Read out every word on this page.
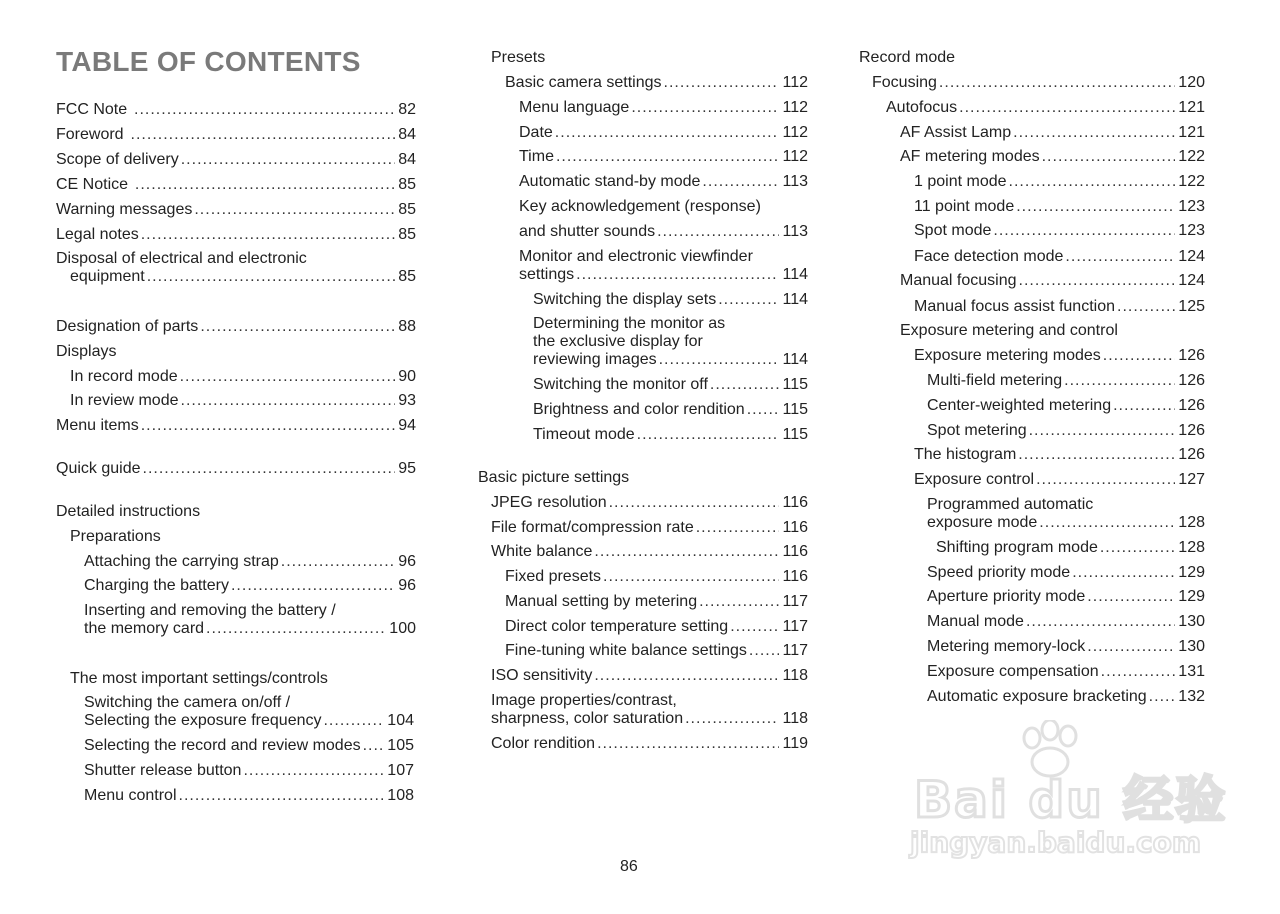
TABLE OF CONTENTS
FCC Note .....	82
Foreword .....	84
Scope of delivery .....	84
CE Notice .....	85
Warning messages .....	85
Legal notes .....	85
Disposal of electrical and electronic
equipment .....	85
Designation of parts .....	88
Displays
In record mode .....	90
In review mode .....	93
Menu items .....	94
Quick guide .....	95
Detailed instructions
Preparations
Attaching the carrying strap .....	96
Charging the battery .....	96
Inserting and removing the battery /
the memory card .....	100
The most important settings/controls
Switching the camera on/off /
Selecting the exposure frequency .....	104
Selecting the record and review modes ..... 105
Shutter release button .....	107
Menu control .....	108
Presets
Basic camera settings .....	112
Menu language .....	112
Date .....	112
Time .....	112
Automatic stand-by mode .....	113
Key acknowledgement (response)
and shutter sounds .....	113
Monitor and electronic viewfinder
settings .....	114
Switching the display sets .....	114
Determining the monitor as
the exclusive display for
reviewing images .....	114
Switching the monitor off .....	115
Brightness and color rendition ..... 115
Timeout mode .....	115
Basic picture settings
JPEG resolution .....	116
File format/compression rate .....	116
White balance .....	116
Fixed presets .....	116
Manual setting by metering .....	117
Direct color temperature setting .....	117
Fine-tuning white balance settings ..... 117
ISO sensitivity .....	118
Image properties/contrast,
sharpness, color saturation .....	118
Color rendition .....	119
Record mode
Focusing .....	120
Autofocus .....	121
AF Assist Lamp .....	121
AF metering modes .....	122
1 point mode .....	122
11 point mode .....	123
Spot mode .....	123
Face detection mode .....	124
Manual focusing .....	124
Manual focus assist function .....	125
Exposure metering and control
Exposure metering modes .....	126
Multi-field metering .....	126
Center-weighted metering .....	126
Spot metering .....	126
The histogram .....	126
Exposure control .....	127
Programmed automatic
exposure mode .....	128
Shifting program mode .....	128
Speed priority mode .....	129
Aperture priority mode .....	129
Manual mode .....	130
Metering memory-lock .....	130
Exposure compensation .....	131
Automatic exposure bracketing ..... 132
Bai du 经验
jingyan.baidu.com
86
